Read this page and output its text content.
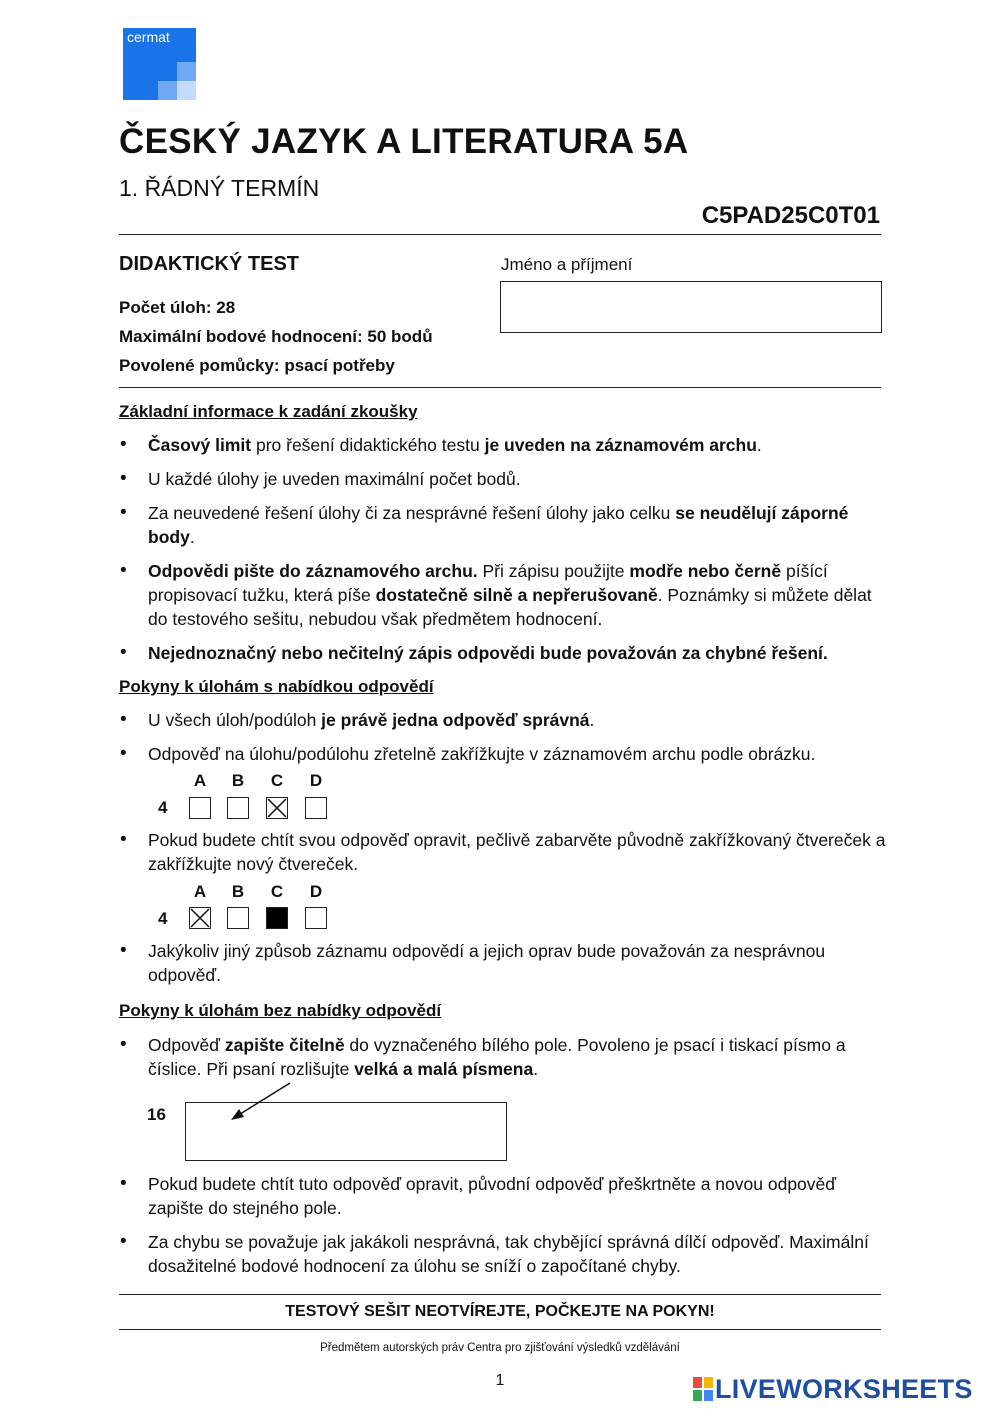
cermat
ČESKÝ JAZYK A LITERATURA 5A
1. ŘÁDNÝ TERMÍN
C5PAD25C0T01
DIDAKTICKÝ TEST
Počet úloh: 28
Maximální bodové hodnocení: 50 bodů
Povolené pomůcky: psací potřeby
Jméno a příjmení
Základní informace k zadání zkoušky
• Časový limit pro řešení didaktického testu je uveden na záznamovém archu.
• U každé úlohy je uveden maximální počet bodů.
• Za neuvedené řešení úlohy či za nesprávné řešení úlohy jako celku se neudělují záporné body.
• Odpovědi pište do záznamového archu. Při zápisu použijte modře nebo černě píšící propisovací tužku, která píše dostatečně silně a nepřerušovaně. Poznámky si můžete dělat do testového sešitu, nebudou však předmětem hodnocení.
• Nejednoznačný nebo nečitelný zápis odpovědi bude považován za chybné řešení.
Pokyny k úlohám s nabídkou odpovědí
• U všech úloh/podúloh je právě jedna odpověď správná.
• Odpověď na úlohu/podúlohu zřetelně zakřížkujte v záznamovém archu podle obrázku.
A B C D
4
• Pokud budete chtít svou odpověď opravit, pečlivě zabarvěte původně zakřížkovaný čtvereček a zakřížkujte nový čtvereček.
A B C D
4
• Jakýkoliv jiný způsob záznamu odpovědí a jejich oprav bude považován za nesprávnou odpověď.
Pokyny k úlohám bez nabídky odpovědí
• Odpověď zapište čitelně do vyznačeného bílého pole. Povoleno je psací i tiskací písmo a číslice. Při psaní rozlišujte velká a malá písmena.
16
• Pokud budete chtít tuto odpověď opravit, původní odpověď přeškrtněte a novou odpověď zapište do stejného pole.
• Za chybu se považuje jak jakákoli nesprávná, tak chybějící správná dílčí odpověď. Maximální dosažitelné bodové hodnocení za úlohu se sníží o započítané chyby.
TESTOVÝ SEŠIT NEOTVÍREJTE, POČKEJTE NA POKYN!
Předmětem autorských práv Centra pro zjišťování výsledků vzdělávání
1	LIVEWORKSHEETS
